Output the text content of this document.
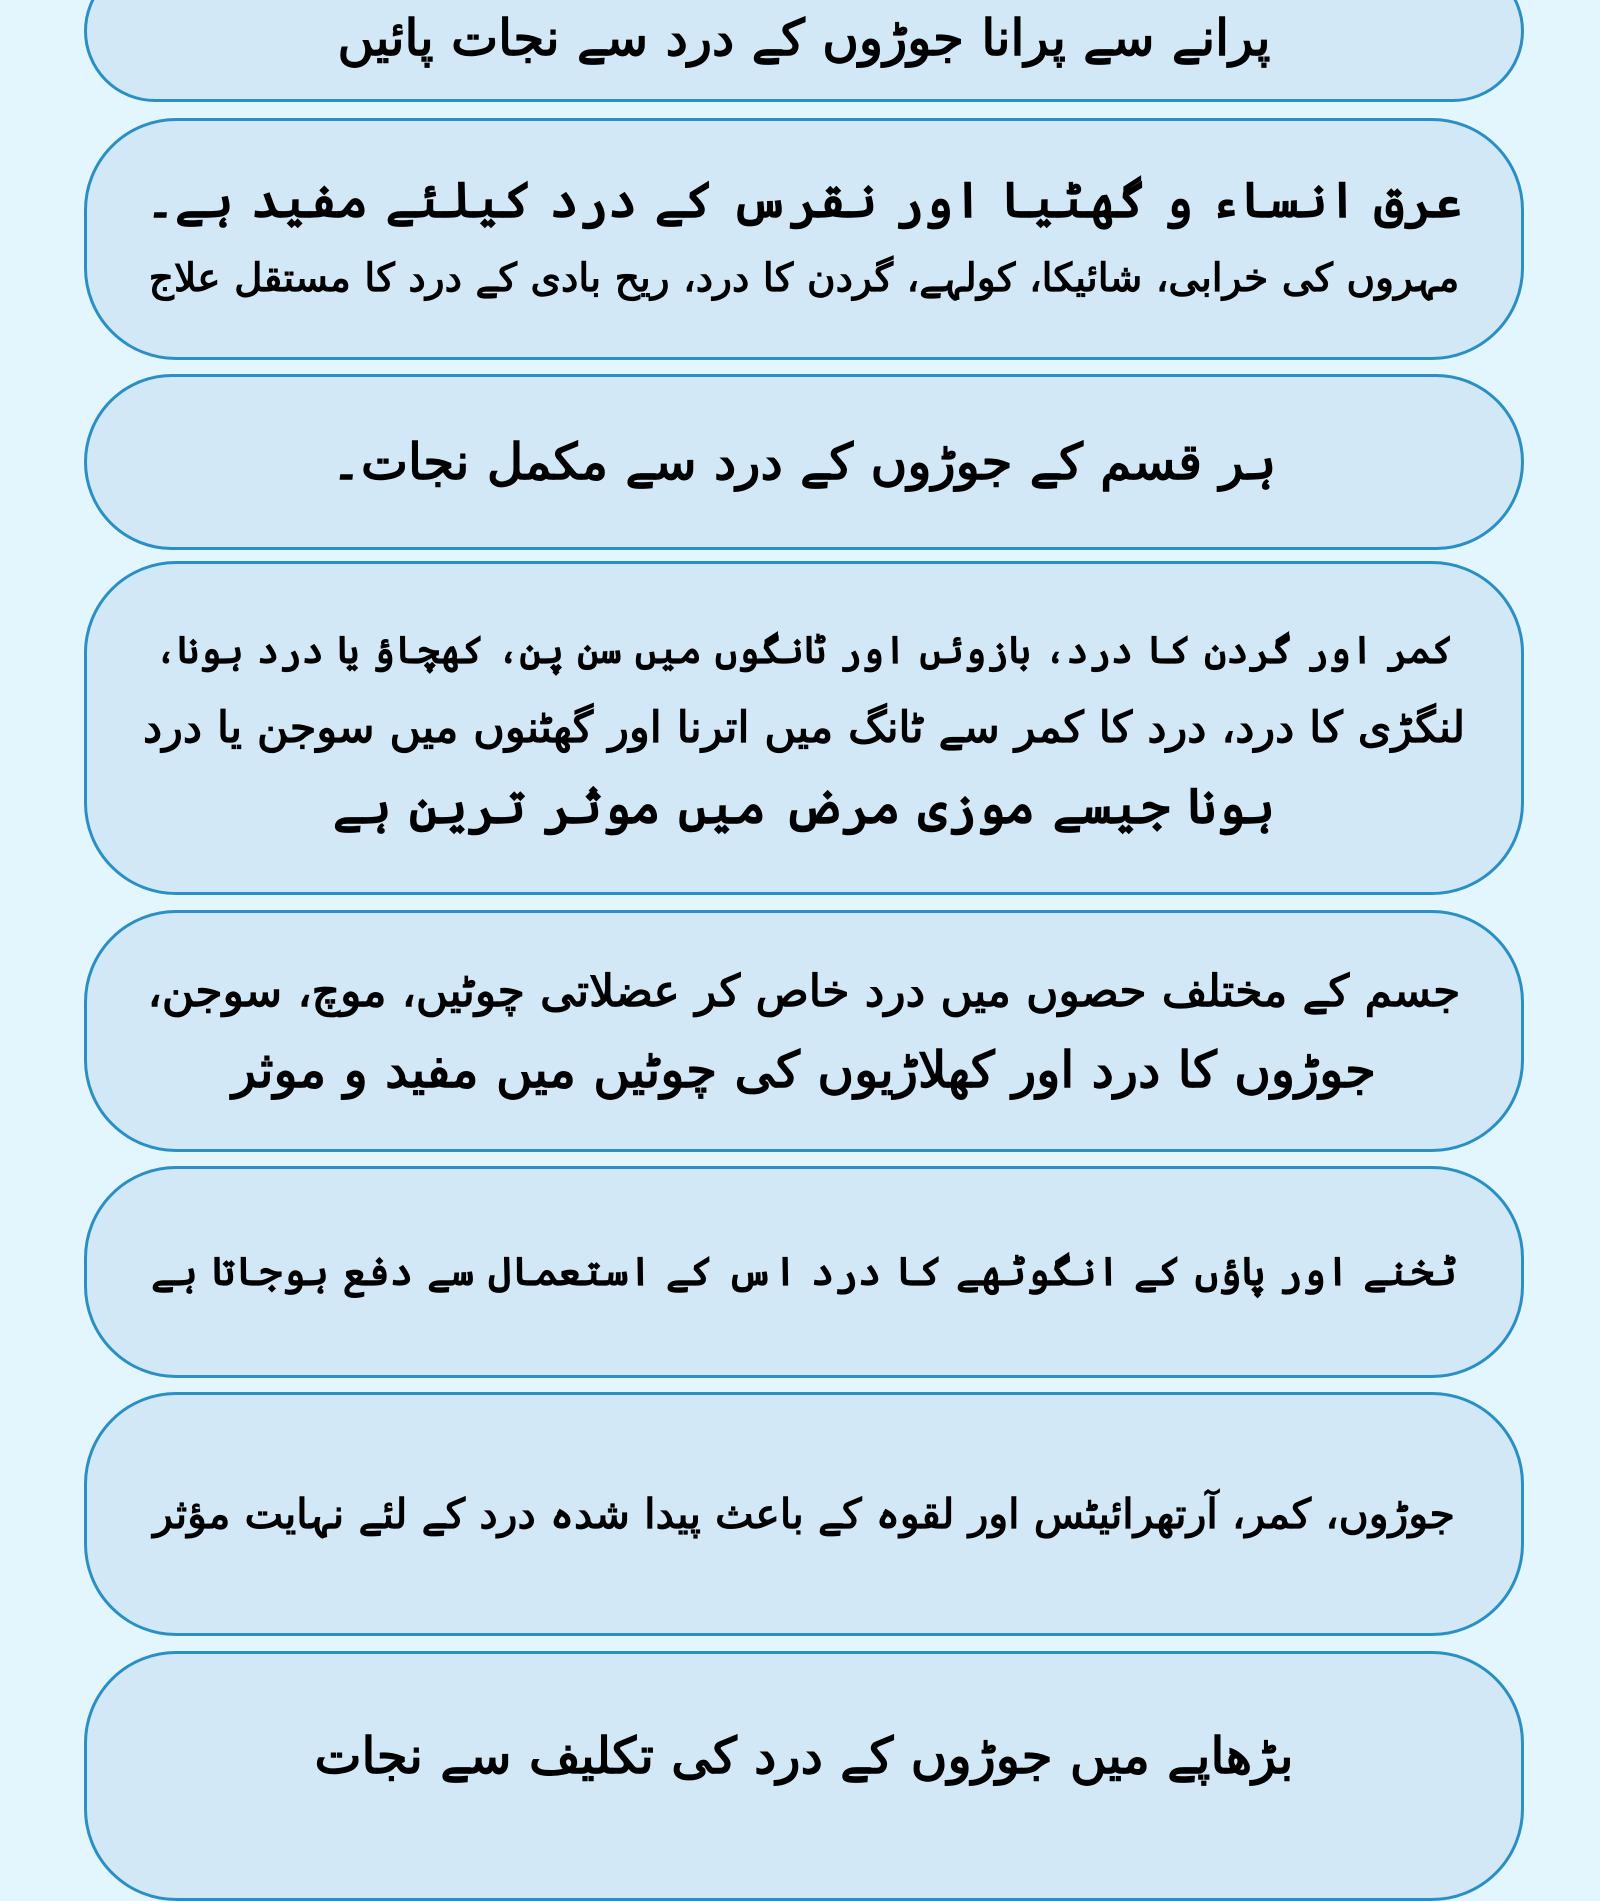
پرانے سے پرانا جوڑوں کے درد سے نجات پائیں
عرق انساء و گھٹیا اور نقرس کے درد کیلئے مفید ہے۔
مہروں کی خرابی، شائیکا، کولہے، گردن کا درد، ریح بادی کے درد کا مستقل علاج
ہر قسم کے جوڑوں کے درد سے مکمل نجات۔
کمر اور گردن کا درد، بازوئں اور ٹانگوں میں سن پن، کھچاؤ یا درد ہونا،
لنگڑی کا درد، درد کا کمر سے ٹانگ میں اترنا اور گھٹنوں میں سوجن یا درد
ہونا جیسے موزی مرض میں موثر ترین ہے
جسم کے مختلف حصوں میں درد خاص کر عضلاتی چوٹیں، موچ، سوجن،
جوڑوں کا درد اور کھلاڑیوں کی چوٹیں میں مفید و موثر
ٹخنے اور پاؤں کے انگوٹھے کا درد اس کے استعمال سے دفع ہوجاتا ہے
جوڑوں، کمر، آرتھرائیٹس اور لقوہ کے باعث پیدا شدہ درد کے لئے نہایت مؤثر
بڑھاپے میں جوڑوں کے درد کی تکلیف سے نجات
